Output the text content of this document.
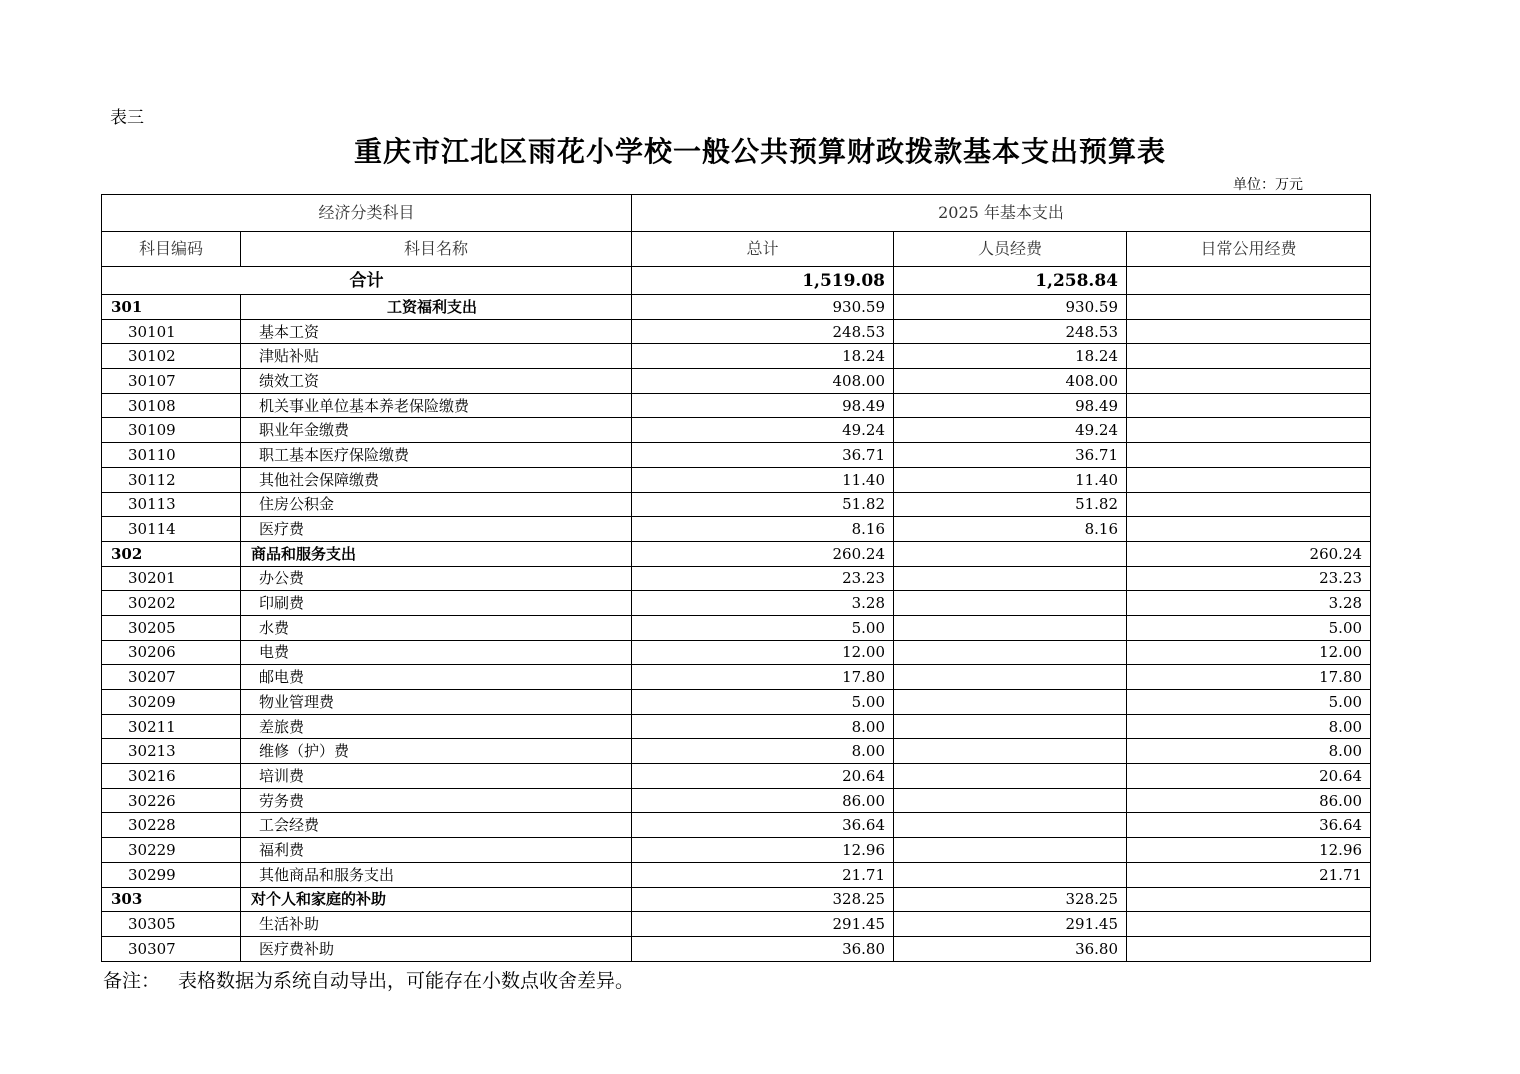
表三
重庆市江北区雨花小学校一般公共预算财政拨款基本支出预算表
单位：万元
经济分类科目		2025 年基本支出		
科目编码	科目名称	总计	人员经费	日常公用经费
合计		1,519.08	1,258.84	
301	工资福利支出	930.59	930.59	
30101	基本工资	248.53	248.53	
30102	津贴补贴	18.24	18.24	
30107	绩效工资	408.00	408.00	
30108	机关事业单位基本养老保险缴费	98.49	98.49	
30109	职业年金缴费	49.24	49.24	
30110	职工基本医疗保险缴费	36.71	36.71	
30112	其他社会保障缴费	11.40	11.40	
30113	住房公积金	51.82	51.82	
30114	医疗费	8.16	8.16	
302	商品和服务支出	260.24		260.24
30201	办公费	23.23		23.23
30202	印刷费	3.28		3.28
30205	水费	5.00		5.00
30206	电费	12.00		12.00
30207	邮电费	17.80		17.80
30209	物业管理费	5.00		5.00
30211	差旅费	8.00		8.00
30213	维修（护）费	8.00		8.00
30216	培训费	20.64		20.64
30226	劳务费	86.00		86.00
30228	工会经费	36.64		36.64
30229	福利费	12.96		12.96
30299	其他商品和服务支出	21.71		21.71
303	对个人和家庭的补助	328.25	328.25	
30305	生活补助	291.45	291.45	
30307	医疗费补助	36.80	36.80	
备注： 表格数据为系统自动导出，可能存在小数点收舍差异。
